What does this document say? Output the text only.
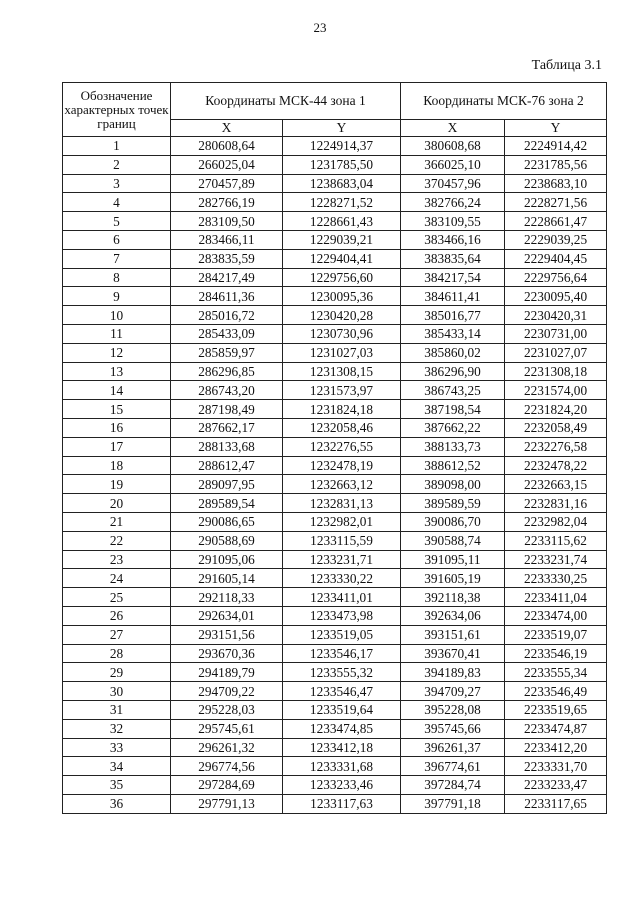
23
Таблица 3.1
Обозначение характерных точек границ	Координаты МСК-44 зона 1		Координаты МСК-76 зона 2	
	X	Y	X	Y
1	280608,64	1224914,37	380608,68	2224914,42
2	266025,04	1231785,50	366025,10	2231785,56
3	270457,89	1238683,04	370457,96	2238683,10
4	282766,19	1228271,52	382766,24	2228271,56
5	283109,50	1228661,43	383109,55	2228661,47
6	283466,11	1229039,21	383466,16	2229039,25
7	283835,59	1229404,41	383835,64	2229404,45
8	284217,49	1229756,60	384217,54	2229756,64
9	284611,36	1230095,36	384611,41	2230095,40
10	285016,72	1230420,28	385016,77	2230420,31
11	285433,09	1230730,96	385433,14	2230731,00
12	285859,97	1231027,03	385860,02	2231027,07
13	286296,85	1231308,15	386296,90	2231308,18
14	286743,20	1231573,97	386743,25	2231574,00
15	287198,49	1231824,18	387198,54	2231824,20
16	287662,17	1232058,46	387662,22	2232058,49
17	288133,68	1232276,55	388133,73	2232276,58
18	288612,47	1232478,19	388612,52	2232478,22
19	289097,95	1232663,12	389098,00	2232663,15
20	289589,54	1232831,13	389589,59	2232831,16
21	290086,65	1232982,01	390086,70	2232982,04
22	290588,69	1233115,59	390588,74	2233115,62
23	291095,06	1233231,71	391095,11	2233231,74
24	291605,14	1233330,22	391605,19	2233330,25
25	292118,33	1233411,01	392118,38	2233411,04
26	292634,01	1233473,98	392634,06	2233474,00
27	293151,56	1233519,05	393151,61	2233519,07
28	293670,36	1233546,17	393670,41	2233546,19
29	294189,79	1233555,32	394189,83	2233555,34
30	294709,22	1233546,47	394709,27	2233546,49
31	295228,03	1233519,64	395228,08	2233519,65
32	295745,61	1233474,85	395745,66	2233474,87
33	296261,32	1233412,18	396261,37	2233412,20
34	296774,56	1233331,68	396774,61	2233331,70
35	297284,69	1233233,46	397284,74	2233233,47
36	297791,13	1233117,63	397791,18	2233117,65
